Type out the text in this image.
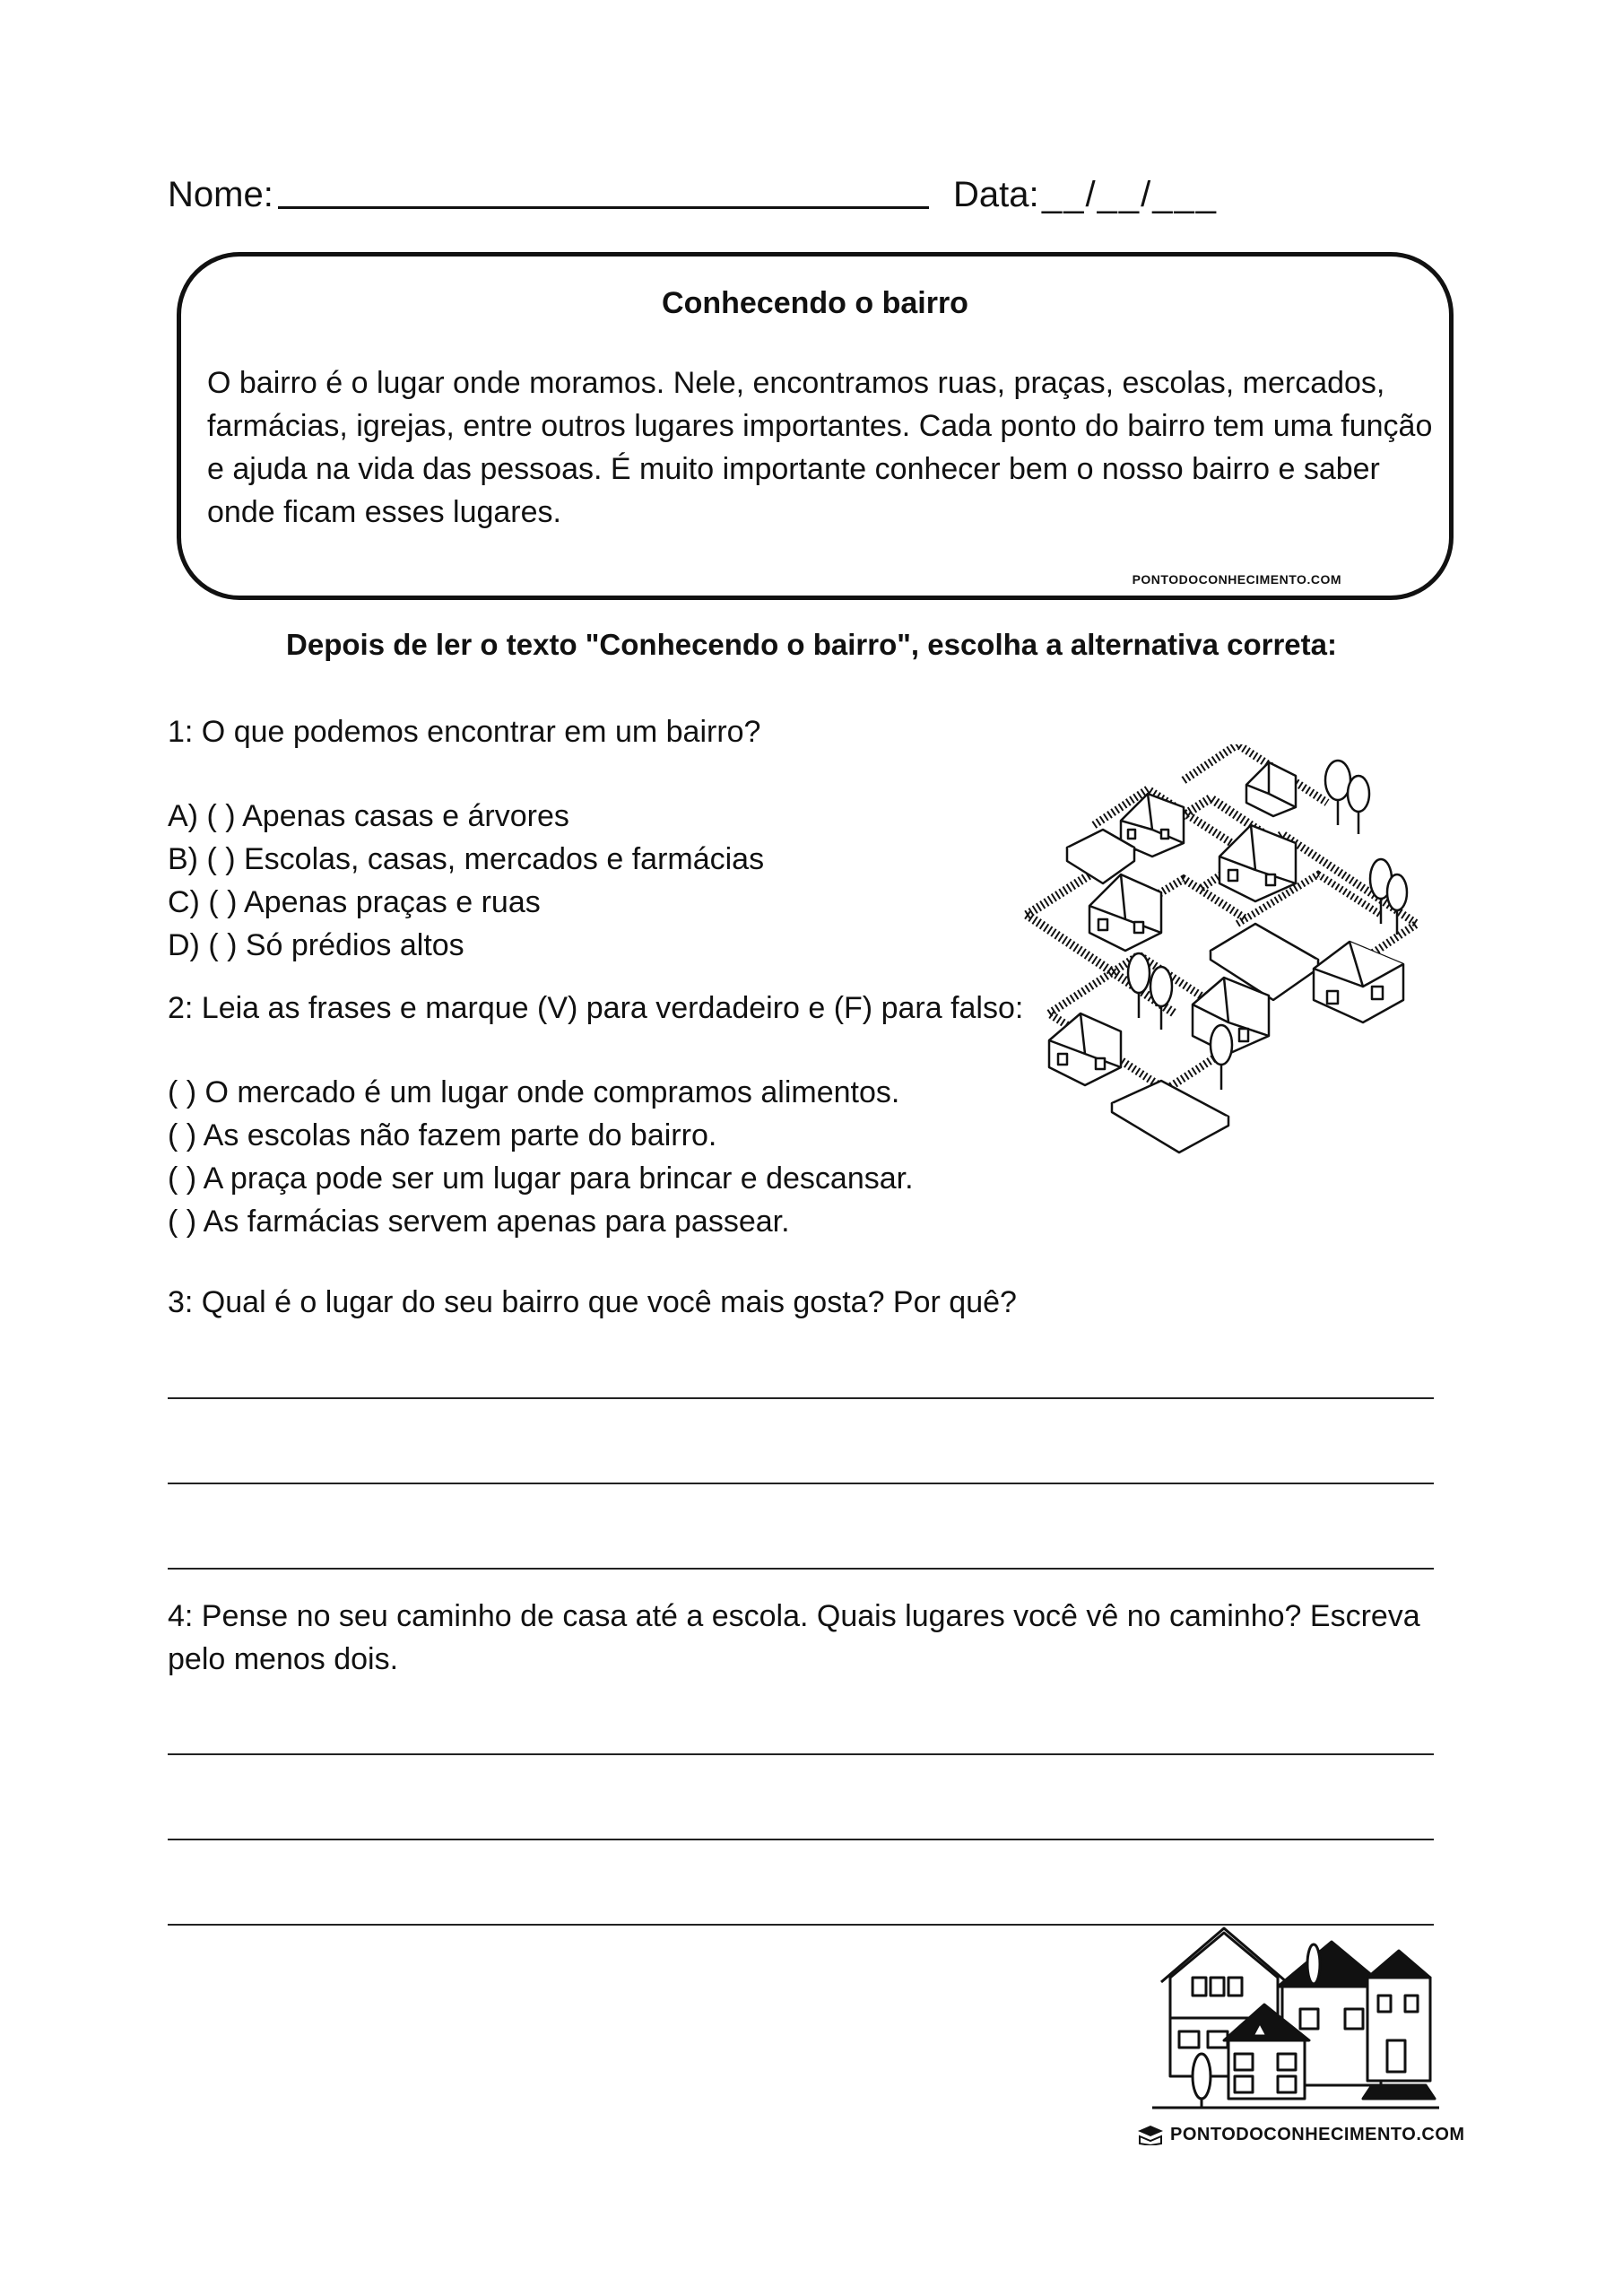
Nome:	Data: __/__/___
Conhecendo o bairro
O bairro é o lugar onde moramos. Nele, encontramos ruas, praças, escolas, mercados,
farmácias, igrejas, entre outros lugares importantes. Cada ponto do bairro tem uma função
e ajuda na vida das pessoas. É muito importante conhecer bem o nosso bairro e saber
onde ficam esses lugares.
PONTODOCONHECIMENTO.COM
Depois de ler o texto "Conhecendo o bairro", escolha a alternativa correta:
1: O que podemos encontrar em um bairro?
A) ( ) Apenas casas e árvores
B) ( ) Escolas, casas, mercados e farmácias
C) ( ) Apenas praças e ruas
D) ( ) Só prédios altos
2: Leia as frases e marque (V) para verdadeiro e (F) para falso:
( ) O mercado é um lugar onde compramos alimentos.
( ) As escolas não fazem parte do bairro.
( ) A praça pode ser um lugar para brincar e descansar.
( ) As farmácias servem apenas para passear.
3: Qual é o lugar do seu bairro que você mais gosta? Por quê?
4: Pense no seu caminho de casa até a escola. Quais lugares você vê no caminho? Escreva
pelo menos dois.
PONTODOCONHECIMENTO.COM
